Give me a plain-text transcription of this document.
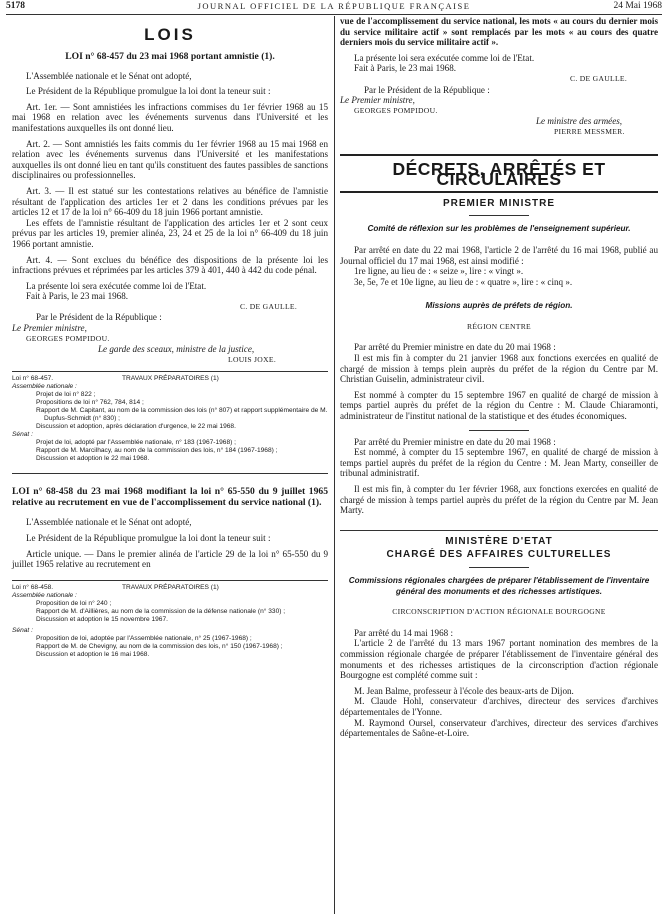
5178	JOURNAL OFFICIEL DE LA RÉPUBLIQUE FRANÇAISE	24 Mai 1968
LOIS

LOI n° 68-457 du 23 mai 1968 portant amnistie (1).

L'Assemblée nationale et le Sénat ont adopté,

Le Président de la République promulgue la loi dont la teneur suit :

Art. 1er. — Sont amnistiées les infractions commises du 1er février 1968 au 15 mai 1968 en relation avec les événements survenus dans l'Université et les manifestations auxquelles ils ont donné lieu.

Art. 2. — Sont amnistiés les faits commis du 1er février 1968 au 15 mai 1968 en relation avec les événements survenus dans l'Université et les manifestations auxquelles ils ont donné lieu en tant qu'ils constituent des fautes passibles de sanctions disciplinaires ou professionnelles.

Art. 3. — Il est statué sur les contestations relatives au bénéfice de l'amnistie résultant de l'application des articles 1er et 2 dans les conditions prévues par les articles 12 et 17 de la loi n° 66-409 du 18 juin 1966 portant amnistie.

Les effets de l'amnistie résultant de l'application des articles 1er et 2 sont ceux prévus par les articles 19, premier alinéa, 23, 24 et 25 de la loi n° 66-409 du 18 juin 1966 portant amnistie.

Art. 4. — Sont exclues du bénéfice des dispositions de la présente loi les infractions prévues et réprimées par les articles 379 à 401, 440 à 442 du code pénal.

La présente loi sera exécutée comme loi de l'Etat.

Fait à Paris, le 23 mai 1968.

C. DE GAULLE.

Par le Président de la République :

Le Premier ministre,

GEORGES POMPIDOU.

Le garde des sceaux, ministre de la justice,

LOUIS JOXE.

Loi n° 68-457.	TRAVAUX PRÉPARATOIRES (1)
Assemblée nationale :
Projet de loi n° 822 ;
Propositions de loi n° 762, 784, 814 ;
Rapport de M. Capitant, au nom de la commission des lois (n° 807) et rapport supplémentaire de M. Dupfus-Schmidt (n° 830) ;
Discussion et adoption, après déclaration d'urgence, le 22 mai 1968.
Sénat :
Projet de loi, adopté par l'Assemblée nationale, n° 183 (1967-1968) ;
Rapport de M. Marcilhacy, au nom de la commission des lois, n° 184 (1967-1968) ;
Discussion et adoption le 22 mai 1968.

LOI n° 68-458 du 23 mai 1968 modifiant la loi n° 65-550 du 9 juillet 1965 relative au recrutement en vue de l'accomplissement du service national (1).

L'Assemblée nationale et le Sénat ont adopté,

Le Président de la République promulgue la loi dont la teneur suit :

Article unique. — Dans le premier alinéa de l'article 29 de la loi n° 65-550 du 9 juillet 1965 relative au recrutement en

Loi n° 68-458.	TRAVAUX PRÉPARATOIRES (1)
Assemblée nationale :
Proposition de loi n° 240 ;
Rapport de M. d'Aillières, au nom de la commission de la défense nationale (n° 330) ;
Discussion et adoption le 15 novembre 1967.
Sénat :
Proposition de loi, adoptée par l'Assemblée nationale, n° 25 (1967-1968) ;
Rapport de M. de Chevigny, au nom de la commission des lois, n° 150 (1967-1968) ;
Discussion et adoption le 16 mai 1968.

vue de l'accomplissement du service national, les mots « au cours du dernier mois du service militaire actif » sont remplacés par les mots « au cours des quatre derniers mois du service militaire actif ».

La présente loi sera exécutée comme loi de l'Etat.

Fait à Paris, le 23 mai 1968.

C. DE GAULLE.

Par le Président de la République :

Le Premier ministre,

GEORGES POMPIDOU.

Le ministre des armées,

PIERRE MESSMER.

DÉCRETS, ARRÊTÉS ET CIRCULAIRES
PREMIER MINISTRE

Comité de réflexion sur les problèmes de l'enseignement supérieur.

Par arrêté en date du 22 mai 1968, l'article 2 de l'arrêté du 16 mai 1968, publié au Journal officiel du 17 mai 1968, est ainsi modifié :

1re ligne, au lieu de : « seize », lire : « vingt ».

3e, 5e, 7e et 10e ligne, au lieu de : « quatre », lire : « cinq ».

Missions auprès de préfets de région.

RÉGION CENTRE

Par arrêté du Premier ministre en date du 20 mai 1968 :

Il est mis fin à compter du 21 janvier 1968 aux fonctions exercées en qualité de chargé de mission à temps plein auprès du préfet de la région du Centre par M. Christian Guiselin, administrateur civil.

Est nommé à compter du 15 septembre 1967 en qualité de chargé de mission à temps partiel auprès du préfet de la région du Centre : M. Claude Chiaramonti, administrateur de l'institut national de la statistique et des études économiques.

Par arrêté du Premier ministre en date du 20 mai 1968 :

Est nommé, à compter du 15 septembre 1967, en qualité de chargé de mission à temps partiel auprès du préfet de la région du Centre : M. Jean Marty, conseiller de tribunal administratif.

Il est mis fin, à compter du 1er février 1968, aux fonctions exercées en qualité de chargé de mission à temps partiel auprès du préfet de la région du Centre par M. Jean Marty.

MINISTÈRE D'ETAT
CHARGÉ DES AFFAIRES CULTURELLES

Commissions régionales chargées de préparer l'établissement de l'inventaire général des monuments et des richesses artistiques.

CIRCONSCRIPTION D'ACTION RÉGIONALE BOURGOGNE

Par arrêté du 14 mai 1968 :

L'article 2 de l'arrêté du 13 mars 1967 portant nomination des membres de la commission régionale chargée de préparer l'établissement de l'inventaire général des monuments et des richesses artistiques de la circonscription d'action régionale Bourgogne est complété comme suit :

M. Jean Balme, professeur à l'école des beaux-arts de Dijon.

M. Claude Hohl, conservateur d'archives, directeur des services d'archives départementales de l'Yonne.

M. Raymond Oursel, conservateur d'archives, directeur des services d'archives départementales de Saône-et-Loire.
